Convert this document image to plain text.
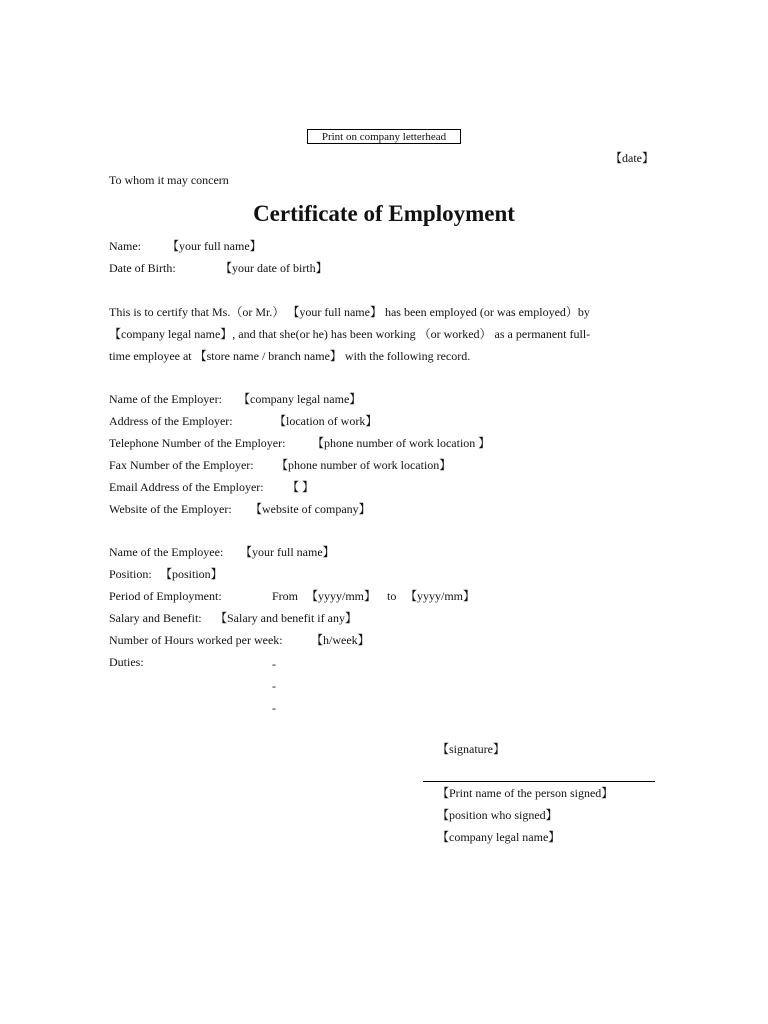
Print on company letterhead
【date】
To whom it may concern
Certificate of Employment
Name: 【your full name】
Date of Birth:	【your date of birth】
This is to certify that Ms.（or Mr.） 【your full name】 has been employed (or was employed）by
【company legal name】, and that she(or he) has been working （or worked） as a permanent full-
time employee at 【store name / branch name】 with the following record.
Name of the Employer: 【company legal name】
Address of the Employer:	【location of work】
Telephone Number of the Employer: 【phone number of work location 】
Fax Number of the Employer: 【phone number of work location】
Email Address of the Employer: 【 】
Website of the Employer: 【website of company】
Name of the Employee: 【your full name】
Position: 【position】
Period of Employment:	From 【yyyy/mm】 to 【yyyy/mm】
Salary and Benefit: 【Salary and benefit if any】
Number of Hours worked per week: 【h/week】
Duties:	-
-
-
【signature】
【Print name of the person signed】
【position who signed】
【company legal name】
